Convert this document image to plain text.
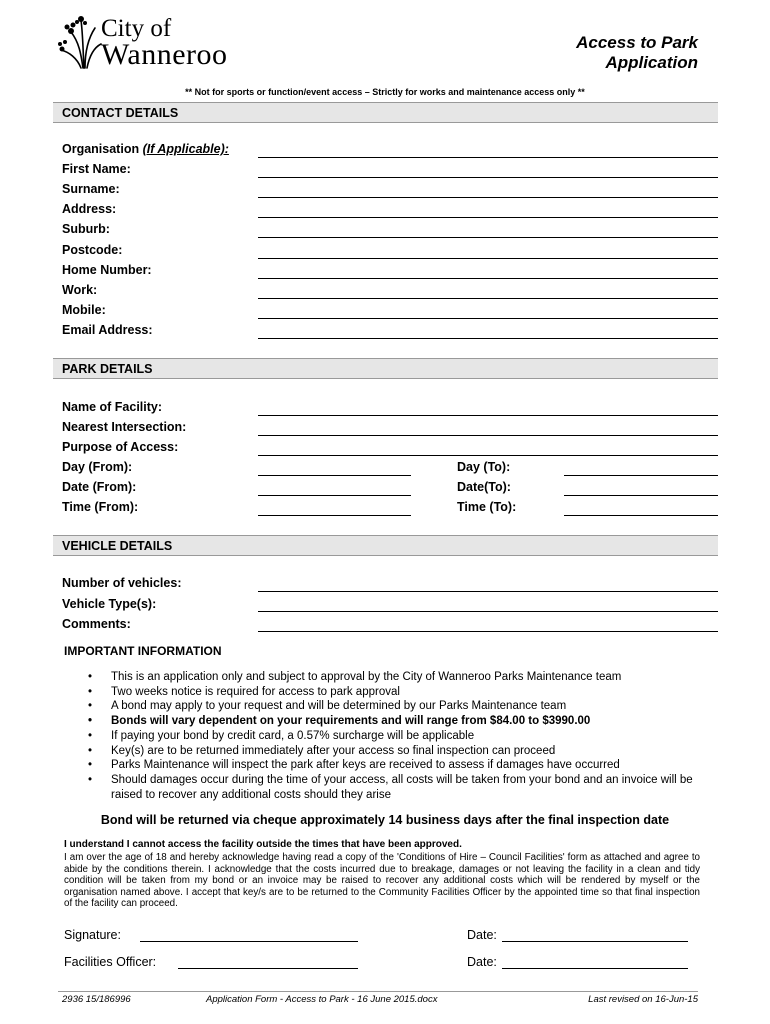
City of
Wanneroo	Access to Park
Application
** Not for sports or function/event access – Strictly for works and maintenance access only **
CONTACT DETAILS
Organisation (If Applicable):
First Name:
Surname:
Address:
Suburb:
Postcode:
Home Number:
Work:
Mobile:
Email Address:
PARK DETAILS
Name of Facility:
Nearest Intersection:
Purpose of Access:
Day (From):	Day (To):
Date (From):	Date(To):
Time (From):	Time (To):
VEHICLE DETAILS
Number of vehicles:
Vehicle Type(s):
Comments:
IMPORTANT INFORMATION
• This is an application only and subject to approval by the City of Wanneroo Parks Maintenance team
• Two weeks notice is required for access to park approval
• A bond may apply to your request and will be determined by our Parks Maintenance team
• Bonds will vary dependent on your requirements and will range from $84.00 to $3990.00
• If paying your bond by credit card, a 0.57% surcharge will be applicable
• Key(s) are to be returned immediately after your access so final inspection can proceed
• Parks Maintenance will inspect the park after keys are received to assess if damages have occurred
• Should damages occur during the time of your access, all costs will be taken from your bond and an invoice will be raised to recover any additional costs should they arise
Bond will be returned via cheque approximately 14 business days after the final inspection date
I understand I cannot access the facility outside the times that have been approved.
I am over the age of 18 and hereby acknowledge having read a copy of the 'Conditions of Hire – Council Facilities' form as attached and agree to abide by the conditions therein. I acknowledge that the costs incurred due to breakage, damages or not leaving the facility in a clean and tidy condition will be taken from my bond or an invoice may be raised to recover any additional costs which will be rendered by myself or the organisation named above. I accept that key/s are to be returned to the Community Facilities Officer by the appointed time so that final inspection of the facility can proceed.
Signature:	Date:
Facilities Officer:	Date:
2936 15/186996	Application Form - Access to Park - 16 June 2015.docx	Last revised on 16-Jun-15
